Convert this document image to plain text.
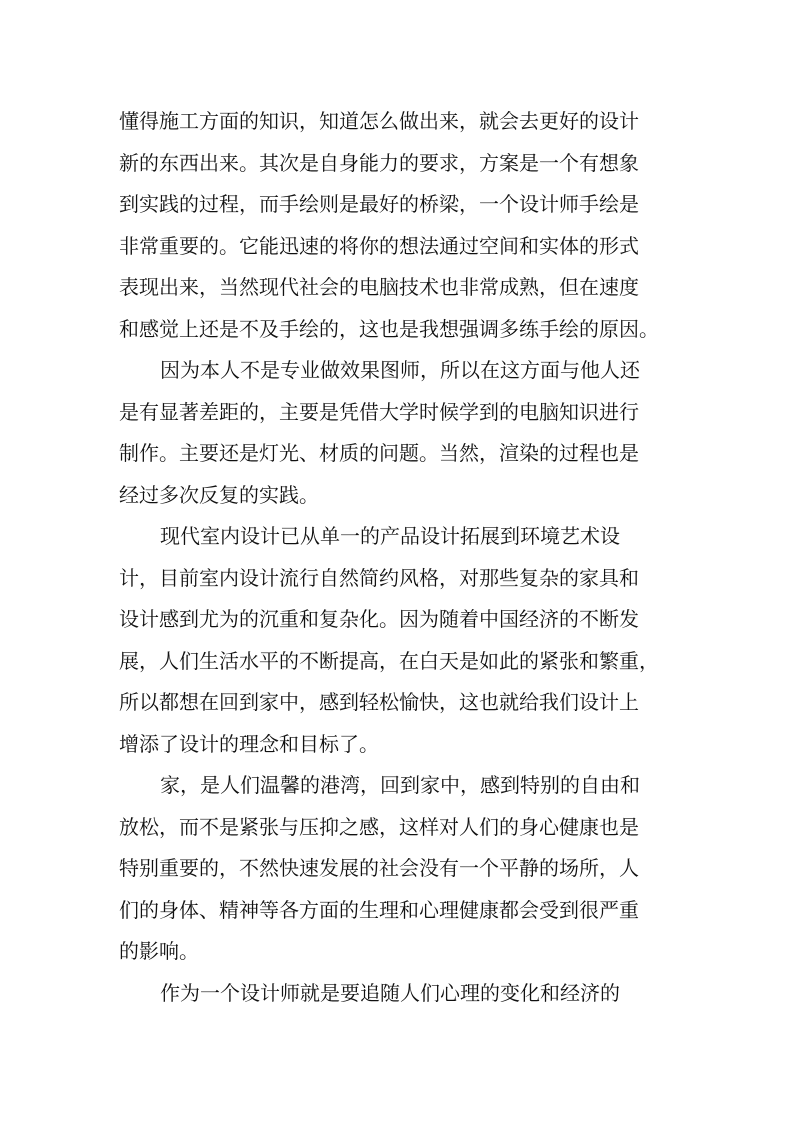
懂得施工方面的知识，知道怎么做出来，就会去更好的设计
新的东西出来。其次是自身能力的要求，方案是一个有想象
到实践的过程，而手绘则是最好的桥梁，一个设计师手绘是
非常重要的。它能迅速的将你的想法通过空间和实体的形式
表现出来，当然现代社会的电脑技术也非常成熟，但在速度
和感觉上还是不及手绘的，这也是我想强调多练手绘的原因。
因为本人不是专业做效果图师，所以在这方面与他人还
是有显著差距的，主要是凭借大学时候学到的电脑知识进行
制作。主要还是灯光、材质的问题。当然，渲染的过程也是
经过多次反复的实践。
现代室内设计已从单一的产品设计拓展到环境艺术设
计，目前室内设计流行自然简约风格，对那些复杂的家具和
设计感到尤为的沉重和复杂化。因为随着中国经济的不断发
展，人们生活水平的不断提高，在白天是如此的紧张和繁重，
所以都想在回到家中，感到轻松愉快，这也就给我们设计上
增添了设计的理念和目标了。
家，是人们温馨的港湾，回到家中，感到特别的自由和
放松，而不是紧张与压抑之感，这样对人们的身心健康也是
特别重要的，不然快速发展的社会没有一个平静的场所，人
们的身体、精神等各方面的生理和心理健康都会受到很严重
的影响。
作为一个设计师就是要追随人们心理的变化和经济的
